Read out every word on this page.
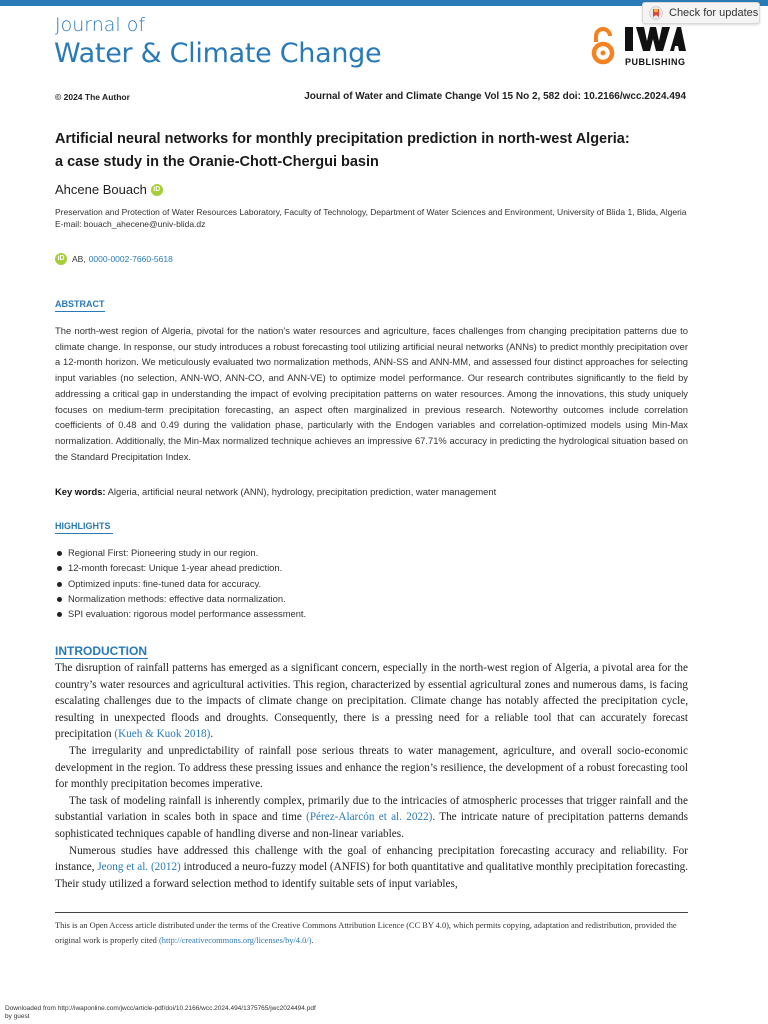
Journal of
Water & Climate Change
Check for updates
PUBLISHING
© 2024 The Author	Journal of Water and Climate Change Vol 15 No 2, 582 doi: 10.2166/wcc.2024.494
Artificial neural networks for monthly precipitation prediction in north-west Algeria:
a case study in the Oranie-Chott-Chergui basin
Ahcene Bouach iD
Preservation and Protection of Water Resources Laboratory, Faculty of Technology, Department of Water Sciences and Environment, University of Blida 1, Blida, Algeria
E-mail: bouach_ahecene@univ-blida.dz
iD AB, 0000-0002-7660-5618
ABSTRACT
The north-west region of Algeria, pivotal for the nation’s water resources and agriculture, faces challenges from changing precipitation patterns due to climate change. In response, our study introduces a robust forecasting tool utilizing artificial neural networks (ANNs) to predict monthly precipitation over a 12-month horizon. We meticulously evaluated two normalization methods, ANN-SS and ANN-MM, and assessed four distinct approaches for selecting input variables (no selection, ANN-WO, ANN-CO, and ANN-VE) to optimize model performance. Our research contributes significantly to the field by addressing a critical gap in understanding the impact of evolving precipitation patterns on water resources. Among the innovations, this study uniquely focuses on medium-term precipitation forecasting, an aspect often marginalized in previous research. Noteworthy outcomes include correlation coefficients of 0.48 and 0.49 during the validation phase, particularly with the Endogen variables and correlation-optimized models using Min-Max normalization. Additionally, the Min-Max normalized technique achieves an impressive 67.71% accuracy in predicting the hydrological situation based on the Standard Precipitation Index.
Key words: Algeria, artificial neural network (ANN), hydrology, precipitation prediction, water management
HIGHLIGHTS
Regional First: Pioneering study in our region.
12-month forecast: Unique 1-year ahead prediction.
Optimized inputs: fine-tuned data for accuracy.
Normalization methods: effective data normalization.
SPI evaluation: rigorous model performance assessment.
INTRODUCTION

The disruption of rainfall patterns has emerged as a significant concern, especially in the north-west region of Algeria, a pivotal area for the country’s water resources and agricultural activities. This region, characterized by essential agricultural zones and numerous dams, is facing escalating challenges due to the impacts of climate change on precipitation. Climate change has notably affected the precipitation cycle, resulting in unexpected floods and droughts. Consequently, there is a pressing need for a reliable tool that can accurately forecast precipitation (Kueh & Kuok 2018).

The irregularity and unpredictability of rainfall pose serious threats to water management, agriculture, and overall socio-economic development in the region. To address these pressing issues and enhance the region’s resilience, the development of a robust forecasting tool for monthly precipitation becomes imperative.

The task of modeling rainfall is inherently complex, primarily due to the intricacies of atmospheric processes that trigger rainfall and the substantial variation in scales both in space and time (Pérez-Alarcón et al. 2022). The intricate nature of precipitation patterns demands sophisticated techniques capable of handling diverse and non-linear variables.

Numerous studies have addressed this challenge with the goal of enhancing precipitation forecasting accuracy and reliability. For instance, Jeong et al. (2012) introduced a neuro-fuzzy model (ANFIS) for both quantitative and qualitative monthly precipitation forecasting. Their study utilized a forward selection method to identify suitable sets of input variables,

This is an Open Access article distributed under the terms of the Creative Commons Attribution Licence (CC BY 4.0), which permits copying, adaptation and redistribution, provided the original work is properly cited (http://creativecommons.org/licenses/by/4.0/).
Downloaded from http://iwaponline.com/jwcc/article-pdf/doi/10.2166/wcc.2024.494/1375765/jwc2024494.pdf
by guest
